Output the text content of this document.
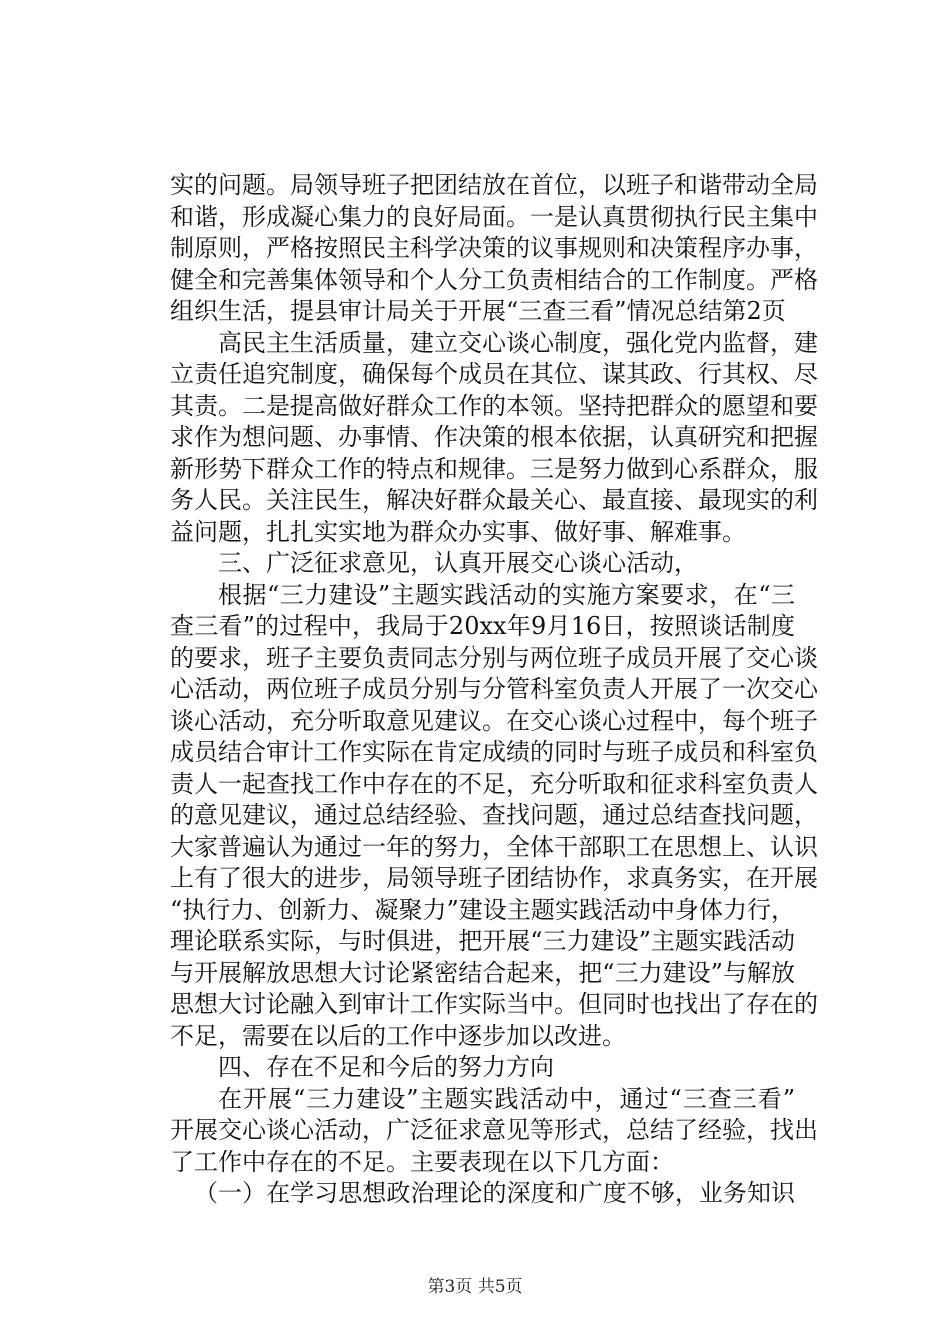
实的问题。局领导班子把团结放在首位，以班子和谐带动全局
和谐，形成凝心集力的良好局面。一是认真贯彻执行民主集中
制原则，严格按照民主科学决策的议事规则和决策程序办事，
健全和完善集体领导和个人分工负责相结合的工作制度。严格
组织生活，提县审计局关于开展“三查三看”情况总结第2页
高民主生活质量，建立交心谈心制度，强化党内监督，建
立责任追究制度，确保每个成员在其位、谋其政、行其权、尽
其责。二是提高做好群众工作的本领。坚持把群众的愿望和要
求作为想问题、办事情、作决策的根本依据，认真研究和把握
新形势下群众工作的特点和规律。三是努力做到心系群众，服
务人民。关注民生，解决好群众最关心、最直接、最现实的利
益问题，扎扎实实地为群众办实事、做好事、解难事。
三、广泛征求意见，认真开展交心谈心活动，
根据“三力建设”主题实践活动的实施方案要求，在“三
查三看”的过程中，我局于20xx年9月16日，按照谈话制度
的要求，班子主要负责同志分别与两位班子成员开展了交心谈
心活动，两位班子成员分别与分管科室负责人开展了一次交心
谈心活动，充分听取意见建议。在交心谈心过程中，每个班子
成员结合审计工作实际在肯定成绩的同时与班子成员和科室负
责人一起查找工作中存在的不足，充分听取和征求科室负责人
的意见建议，通过总结经验、查找问题，通过总结查找问题，
大家普遍认为通过一年的努力，全体干部职工在思想上、认识
上有了很大的进步，局领导班子团结协作，求真务实，在开展
“执行力、创新力、凝聚力”建设主题实践活动中身体力行，
理论联系实际，与时俱进，把开展“三力建设”主题实践活动
与开展解放思想大讨论紧密结合起来，把“三力建设”与解放
思想大讨论融入到审计工作实际当中。但同时也找出了存在的
不足，需要在以后的工作中逐步加以改进。
四、存在不足和今后的努力方向
在开展“三力建设”主题实践活动中，通过“三查三看”
开展交心谈心活动，广泛征求意见等形式，总结了经验，找出
了工作中存在的不足。主要表现在以下几方面：
（一）在学习思想政治理论的深度和广度不够，业务知识
第3页 共5页
